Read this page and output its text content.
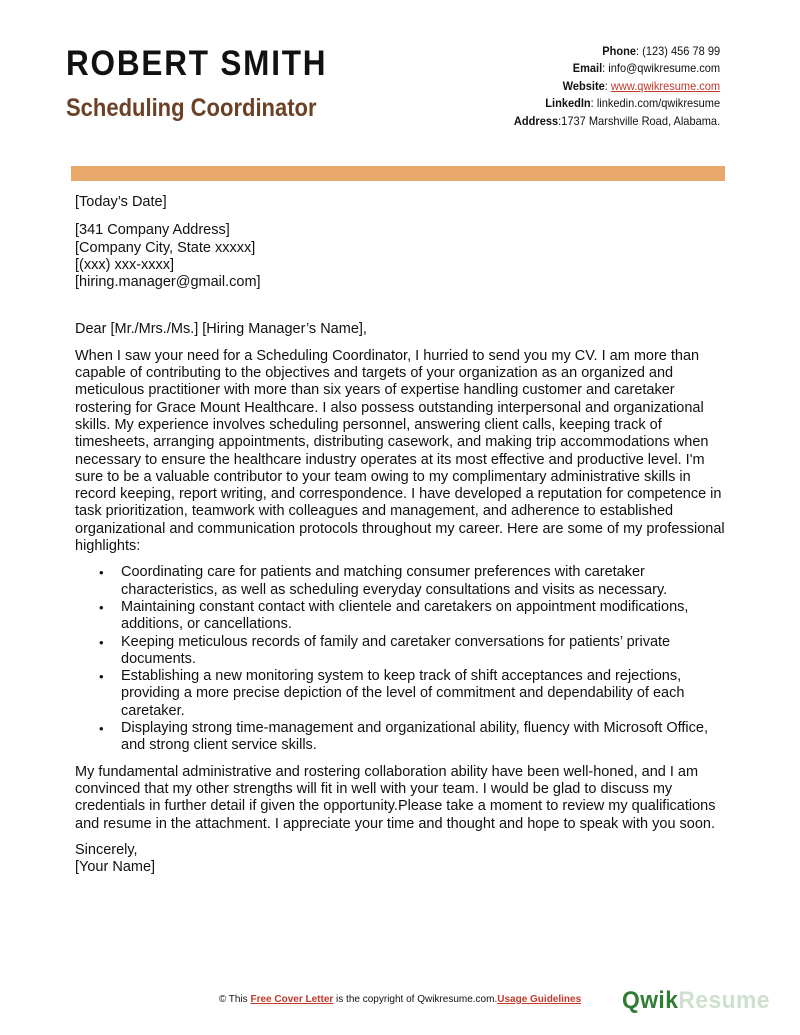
ROBERT SMITH
Scheduling Coordinator
Phone: (123) 456 78 99
Email: info@qwikresume.com
Website: www.qwikresume.com
LinkedIn: linkedin.com/qwikresume
Address:1737 Marshville Road, Alabama.

[Today’s Date]

[341 Company Address]

[Company City, State xxxxx]

[(xxx) xxx-xxxx]

[hiring.manager@gmail.com]

Dear [Mr./Mrs./Ms.] [Hiring Manager’s Name],

When I saw your need for a Scheduling Coordinator, I hurried to send you my CV. I am more than capable of contributing to the objectives and targets of your organization as an organized and meticulous practitioner with more than six years of expertise handling customer and caretaker rostering for Grace Mount Healthcare. I also possess outstanding interpersonal and organizational skills. My experience involves scheduling personnel, answering client calls, keeping track of timesheets, arranging appointments, distributing casework, and making trip accommodations when necessary to ensure the healthcare industry operates at its most effective and productive level. I'm sure to be a valuable contributor to your team owing to my complimentary administrative skills in record keeping, report writing, and correspondence. I have developed a reputation for competence in task prioritization, teamwork with colleagues and management, and adherence to established organizational and communication protocols throughout my career. Here are some of my professional highlights:

• Coordinating care for patients and matching consumer preferences with caretaker characteristics, as well as scheduling everyday consultations and visits as necessary.
• Maintaining constant contact with clientele and caretakers on appointment modifications, additions, or cancellations.
• Keeping meticulous records of family and caretaker conversations for patients’ private documents.
• Establishing a new monitoring system to keep track of shift acceptances and rejections, providing a more precise depiction of the level of commitment and dependability of each caretaker.
• Displaying strong time-management and organizational ability, fluency with Microsoft Office, and strong client service skills.

My fundamental administrative and rostering collaboration ability have been well-honed, and I am convinced that my other strengths will fit in well with your team. I would be glad to discuss my credentials in further detail if given the opportunity.Please take a moment to review my qualifications and resume in the attachment. I appreciate your time and thought and hope to speak with you soon.

Sincerely,

[Your Name]

© This Free Cover Letter is the copyright of Qwikresume.com.Usage Guidelines	QwikResume
